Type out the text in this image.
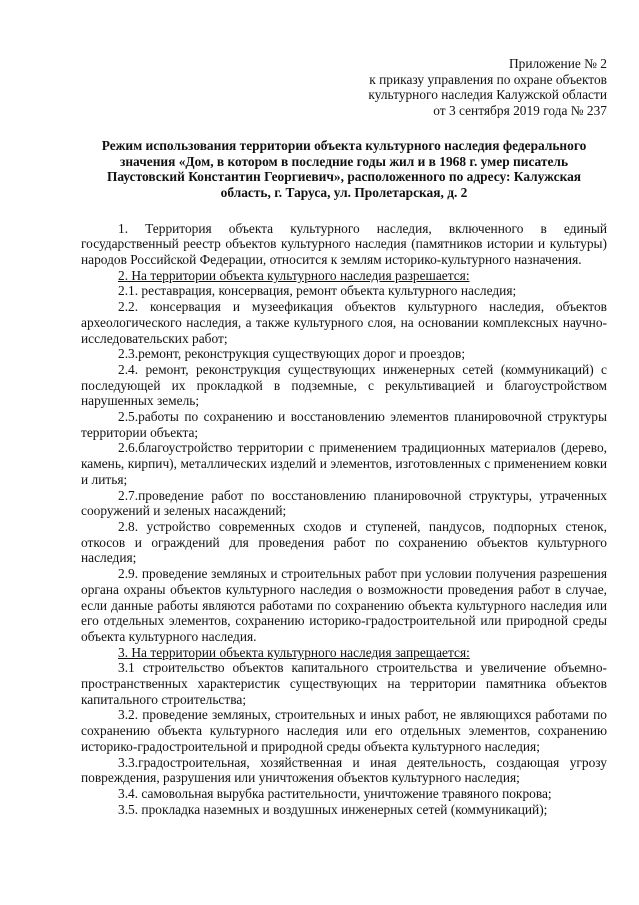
Приложение № 2
к приказу управления по охране объектов
культурного наследия Калужской области
от 3 сентября 2019 года № 237
Режим использования территории объекта культурного наследия федерального значения «Дом, в котором в последние годы жил и в 1968 г. умер писатель Паустовский Константин Георгиевич», расположенного по адресу: Калужская область, г. Таруса, ул. Пролетарская, д. 2
1. Территория объекта культурного наследия, включенного в единый государственный реестр объектов культурного наследия (памятников истории и культуры) народов Российской Федерации, относится к землям историко-культурного назначения.
2. На территории объекта культурного наследия разрешается:
2.1. реставрация, консервация, ремонт объекта культурного наследия;
2.2. консервация и музеефикация объектов культурного наследия, объектов археологического наследия, а также культурного слоя, на основании комплексных научно-исследовательских работ;
2.3.ремонт, реконструкция существующих дорог и проездов;
2.4. ремонт, реконструкция существующих инженерных сетей (коммуникаций) с последующей их прокладкой в подземные, с рекультивацией и благоустройством нарушенных земель;
2.5.работы по сохранению и восстановлению элементов планировочной структуры территории объекта;
2.6.благоустройство территории с применением традиционных материалов (дерево, камень, кирпич), металлических изделий и элементов, изготовленных с применением ковки и литья;
2.7.проведение работ по восстановлению планировочной структуры, утраченных сооружений и зеленых насаждений;
2.8. устройство современных сходов и ступеней, пандусов, подпорных стенок, откосов и ограждений для проведения работ по сохранению объектов культурного наследия;
2.9. проведение земляных и строительных работ при условии получения разрешения органа охраны объектов культурного наследия о возможности проведения работ в случае, если данные работы являются работами по сохранению объекта культурного наследия или его отдельных элементов, сохранению историко-градостроительной или природной среды объекта культурного наследия.
3. На территории объекта культурного наследия запрещается:
3.1 строительство объектов капитального строительства и увеличение объемно-пространственных характеристик существующих на территории памятника объектов капитального строительства;
3.2. проведение земляных, строительных и иных работ, не являющихся работами по сохранению объекта культурного наследия или его отдельных элементов, сохранению историко-градостроительной и природной среды объекта культурного наследия;
3.3.градостроительная, хозяйственная и иная деятельность, создающая угрозу повреждения, разрушения или уничтожения объектов культурного наследия;
3.4. самовольная вырубка растительности, уничтожение травяного покрова;
3.5. прокладка наземных и воздушных инженерных сетей (коммуникаций);
